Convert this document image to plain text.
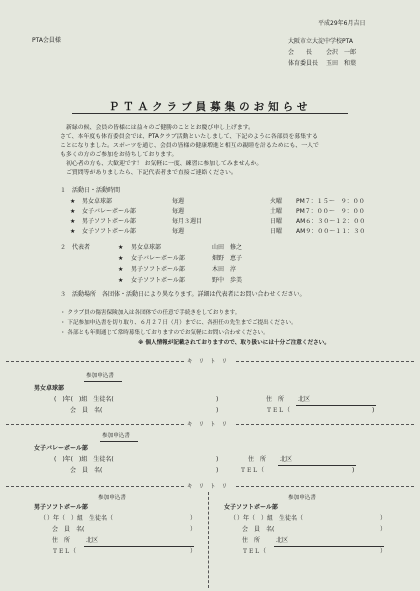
平成29年6月吉日
PTA会員様	大阪市立大淀中学校PTA
会　　長 会沢　一郎
体育委員長 玉田　和葉
ＰＴＡクラブ員募集のお知らせ
新緑の候、会員の皆様には益々のご健勝のこととお慶び申し上げます。
さて、本年度も体育委員会では、PTAクラブ活動といたしまして、下記のように各部員を募集する
ことになりました。スポーツを通じ、会員の皆様の健康増進と相互の親睦を計るためにも、一人で
も多くの方のご参加をお待ちしております。
初心者の方も、大歓迎です！ お気軽に一度、練習に参加してみませんか。
ご質問等がありましたら、下記代表者まで直接ご連絡ください。
１　活動日・活動時間
★ 男女卓球部	毎週	火曜 PM７：１５〜　９：００
★ 女子バレーボール部	毎週	土曜 PM７：００〜　９：００
★ 男子ソフトボール部	毎月３週目	日曜 AM６：３０〜１２：００
★ 女子ソフトボール部	毎週	日曜 AM９：００〜１１：３０
２　代表者	★ 男女卓球部	山田　修之
★ 女子バレーボール部	畑野　恵子
★ 男子ソフトボール部	木田　淳
★ 女子ソフトボール部	野中　歩美
３　活動場所　各団体・活動日により異なります。詳細は代表者にお問い合わせください。
・ クラブ員の傷害保険加入は各団体での任意で手続きをしております。
・ 下記参加申込書を切り取り、６月２７日（月）までに、各担任の先生までご提出ください。
・ 各部とも年間通じて常時募集しておりますのでお気軽にお問い合わせください。
※ 個人情報が記載されておりますので、取り扱いには十分ご注意ください。
キリトリ
参加申込書
男女卓球部
(　)年(　)組　生徒名(	)	住　所 北区
会　員　名(	)	ＴＥＬ（	)
キリトリ
参加申込書
女子バレーボール部
(　)年(　)組　生徒名(	)	住　所 北区
会　員　名(	)	ＴＥＬ（	)
キリトリ
参加申込書
男子ソフトボール部
（ ）年（　）組　生徒名（	）
会　員　名(	）
住　所	北区
ＴＥＬ（	）
参加申込書
女子ソフトボール部
（ ）年（　）組　生徒名（	）
会　員　名(	）
住　所	北区
ＴＥＬ（	）
